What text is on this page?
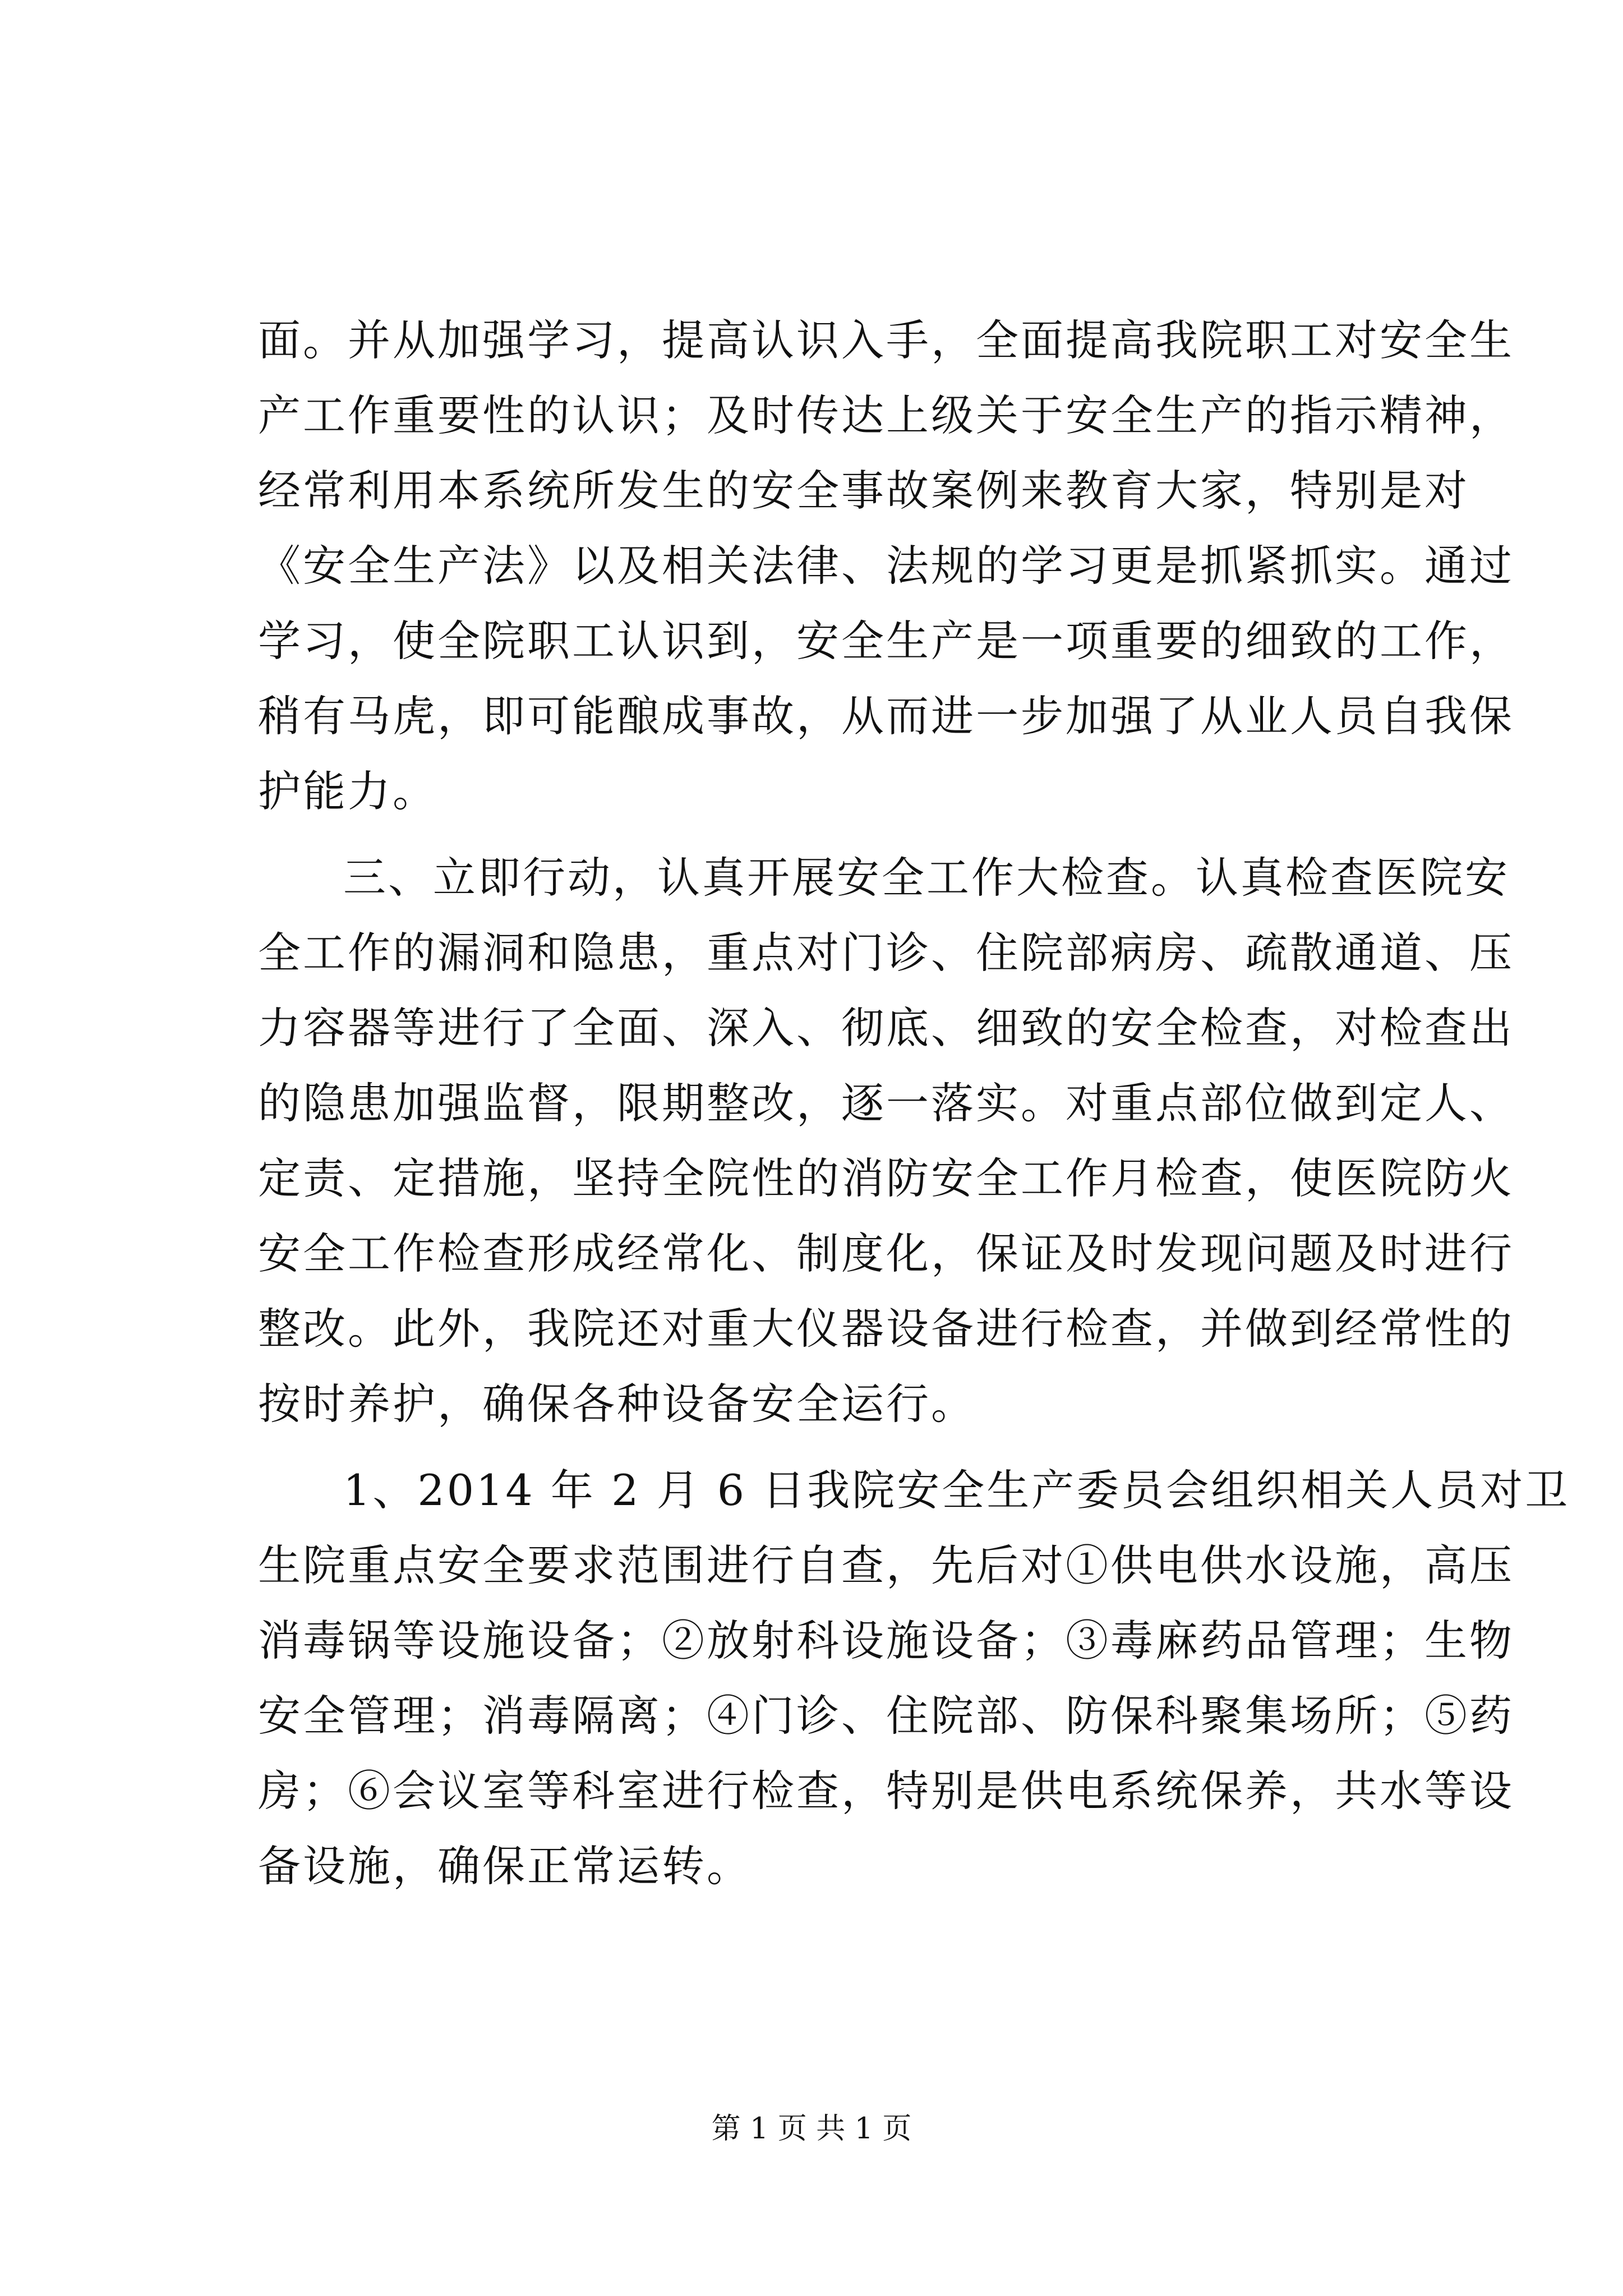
面。并从加强学习，提高认识入手，全面提高我院职工对安全生
产工作重要性的认识；及时传达上级关于安全生产的指示精神，
经常利用本系统所发生的安全事故案例来教育大家，特别是对
《安全生产法》以及相关法律、法规的学习更是抓紧抓实。通过
学习，使全院职工认识到，安全生产是一项重要的细致的工作，
稍有马虎，即可能酿成事故，从而进一步加强了从业人员自我保
护能力。
三、立即行动，认真开展安全工作大检查。认真检查医院安
全工作的漏洞和隐患，重点对门诊、住院部病房、疏散通道、压
力容器等进行了全面、深入、彻底、细致的安全检查，对检查出
的隐患加强监督，限期整改，逐一落实。对重点部位做到定人、
定责、定措施，坚持全院性的消防安全工作月检查，使医院防火
安全工作检查形成经常化、制度化，保证及时发现问题及时进行
整改。此外，我院还对重大仪器设备进行检查，并做到经常性的
按时养护，确保各种设备安全运行。
1、2014 年 2 月 6 日我院安全生产委员会组织相关人员对卫
生院重点安全要求范围进行自查，先后对①供电供水设施，高压
消毒锅等设施设备；②放射科设施设备；③毒麻药品管理；生物
安全管理；消毒隔离；④门诊、住院部、防保科聚集场所；⑤药
房；⑥会议室等科室进行检查，特别是供电系统保养，共水等设
备设施，确保正常运转。
第 1 页 共 1 页
